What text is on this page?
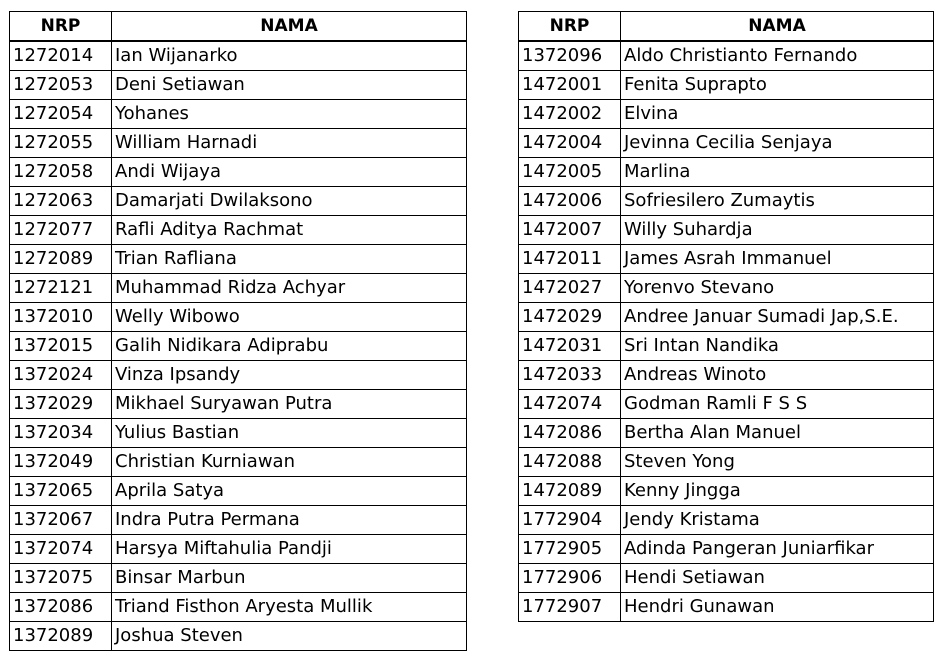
NRP	NAMA
1272014	Ian Wijanarko
1272053	Deni Setiawan
1272054	Yohanes
1272055	William Harnadi
1272058	Andi Wijaya
1272063	Damarjati Dwilaksono
1272077	Rafli Aditya Rachmat
1272089	Trian Rafliana
1272121	Muhammad Ridza Achyar
1372010	Welly Wibowo
1372015	Galih Nidikara Adiprabu
1372024	Vinza Ipsandy
1372029	Mikhael Suryawan Putra
1372034	Yulius Bastian
1372049	Christian Kurniawan
1372065	Aprila Satya
1372067	Indra Putra Permana
1372074	Harsya Miftahulia Pandji
1372075	Binsar Marbun
1372086	Triand Fisthon Aryesta Mullik
1372089	Joshua Steven
NRP	NAMA
1372096	Aldo Christianto Fernando
1472001	Fenita Suprapto
1472002	Elvina
1472004	Jevinna Cecilia Senjaya
1472005	Marlina
1472006	Sofriesilero Zumaytis
1472007	Willy Suhardja
1472011	James Asrah Immanuel
1472027	Yorenvo Stevano
1472029	Andree Januar Sumadi Jap,S.E.
1472031	Sri Intan Nandika
1472033	Andreas Winoto
1472074	Godman Ramli F S S
1472086	Bertha Alan Manuel
1472088	Steven Yong
1472089	Kenny Jingga
1772904	Jendy Kristama
1772905	Adinda Pangeran Juniarfikar
1772906	Hendi Setiawan
1772907	Hendri Gunawan
